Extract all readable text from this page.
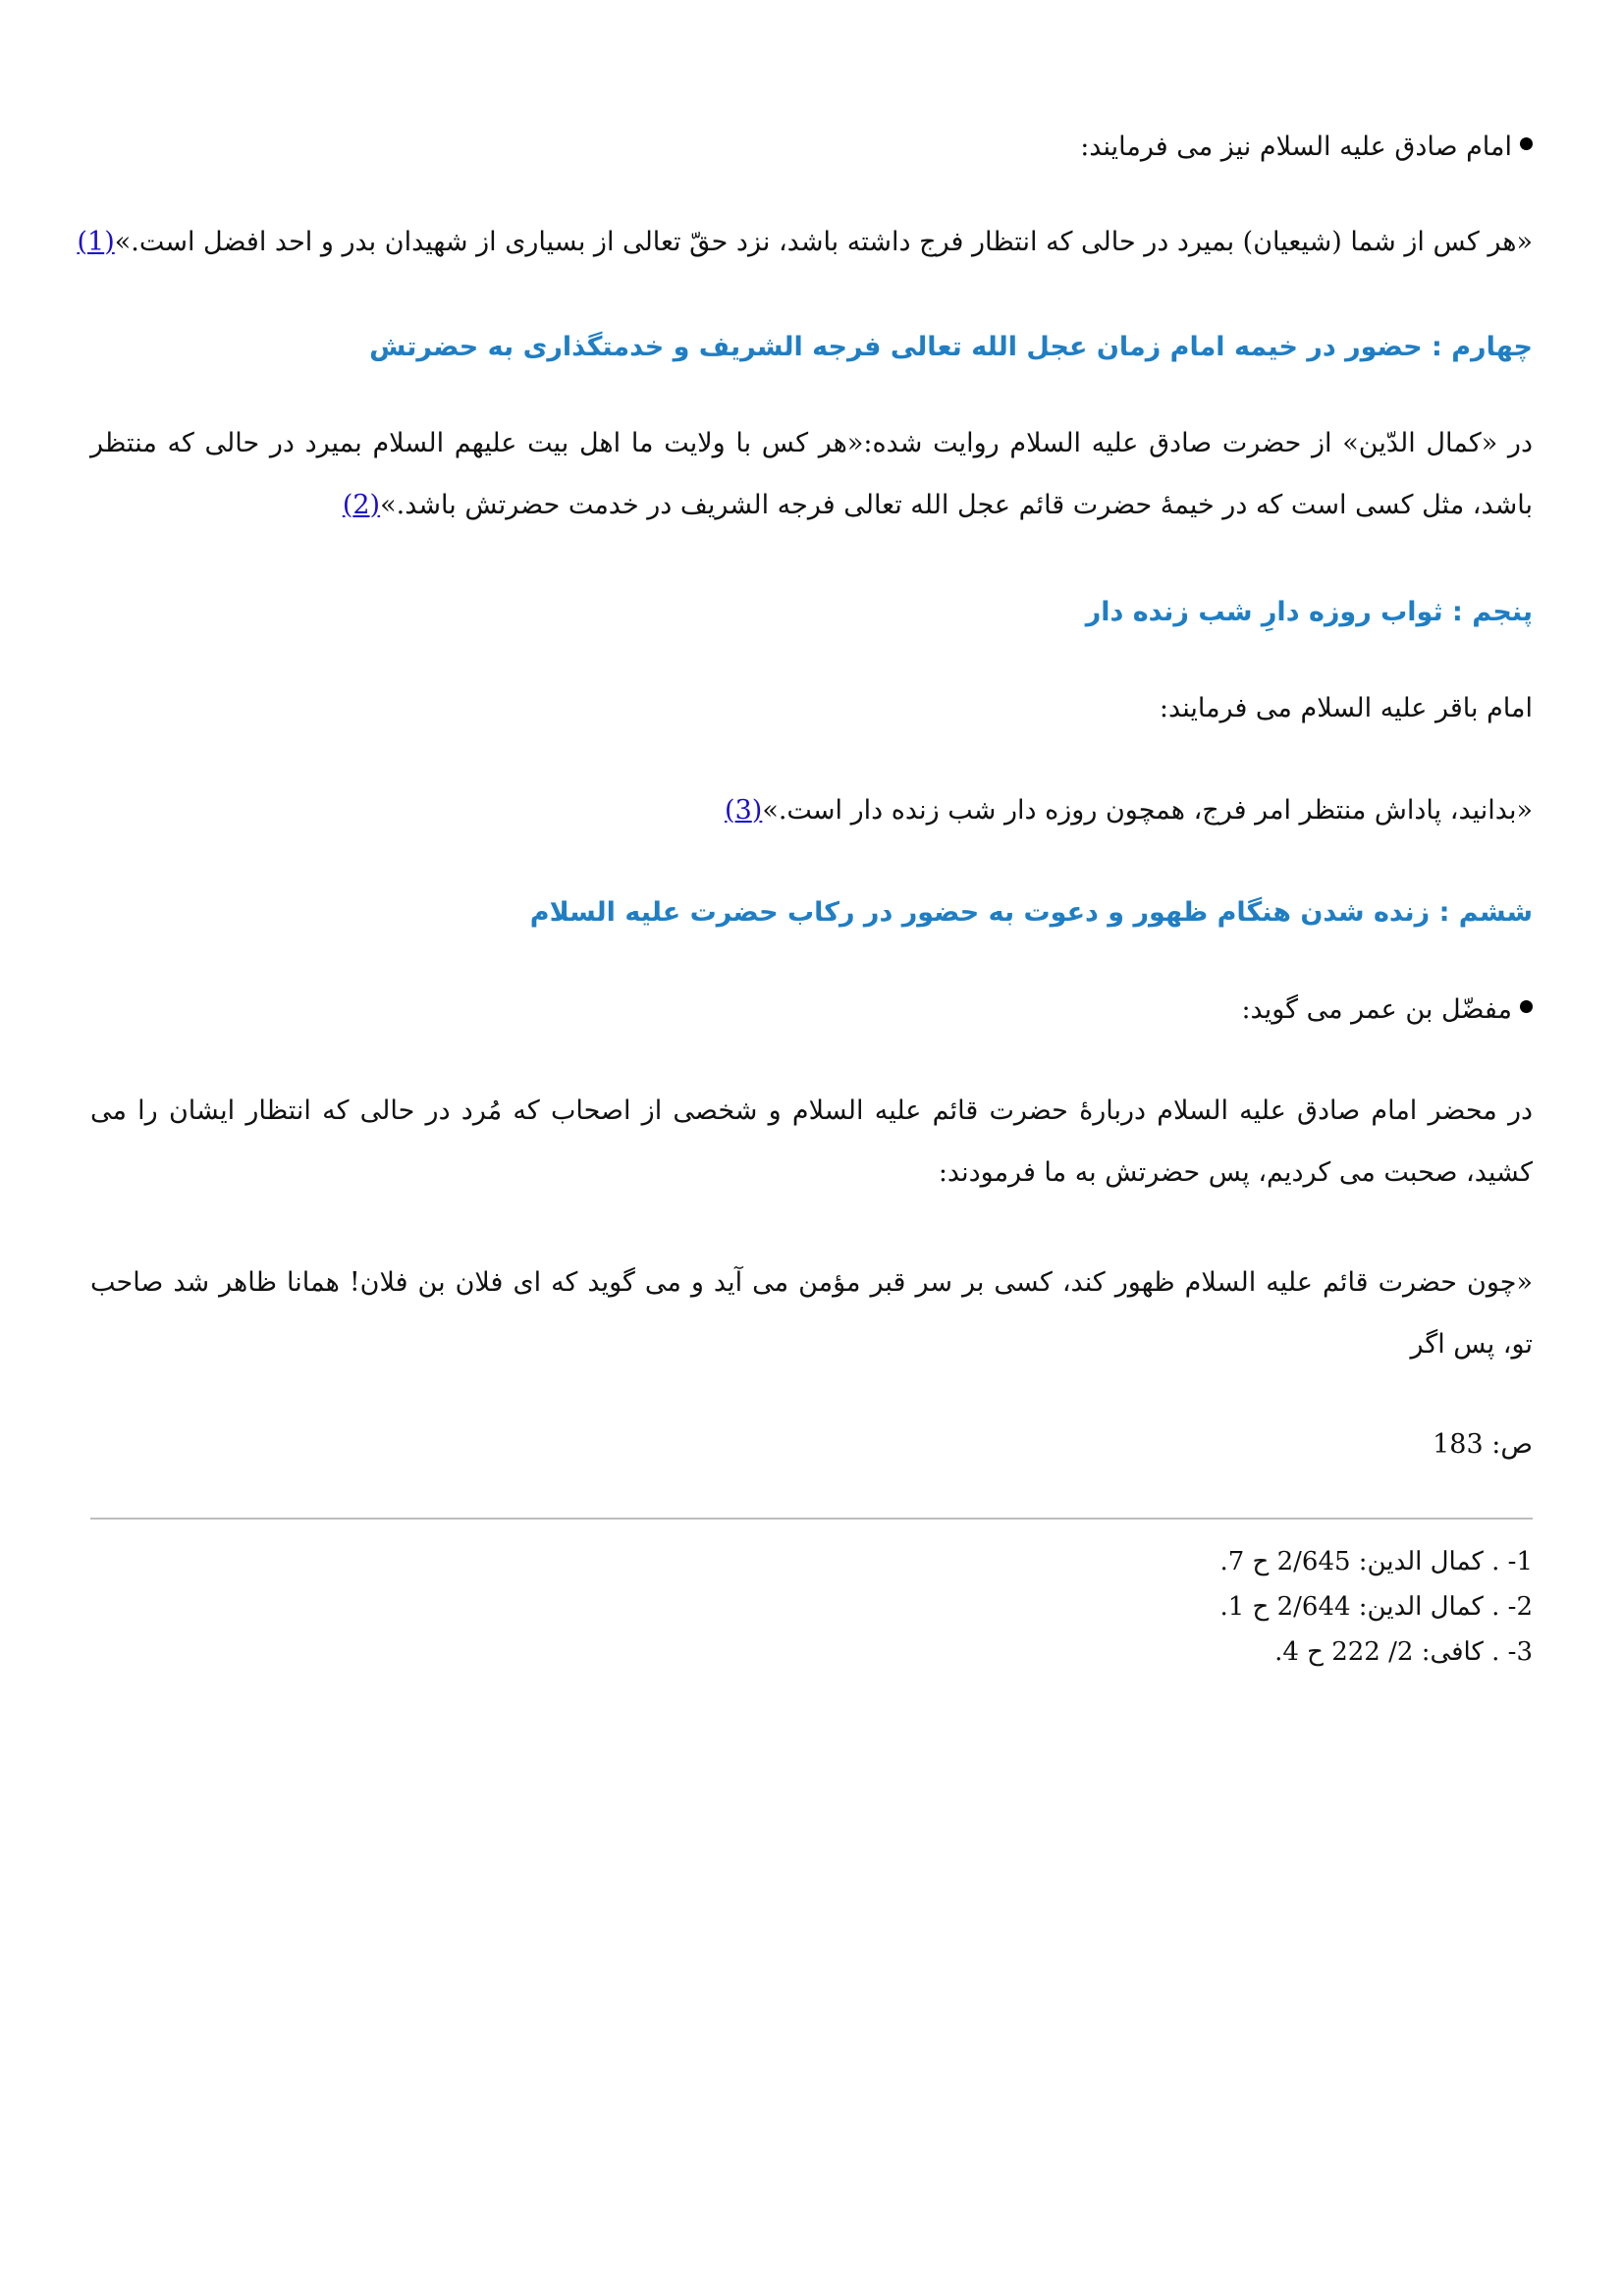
امام صادق علیه السلام نیز می فرمایند:

«هر کس از شما (شیعیان) بمیرد در حالی که انتظار فرج داشته باشد، نزد حقّ تعالی از بسیاری از شهیدان بدر و احد افضل است.»(1)

چهارم : حضور در خیمه امام زمان عجل الله تعالی فرجه الشریف و خدمتگذاری به حضرتش

در «کمال الدّین» از حضرت صادق علیه السلام روایت شده:«هر کس با ولایت ما اهل بیت علیهم السلام بمیرد در حالی که منتظر باشد، مثل کسی است که در خیمۀ حضرت قائم عجل الله تعالی فرجه الشریف در خدمت حضرتش باشد.»(2)

پنجم : ثواب روزه دارِ شب زنده دار

امام باقر علیه السلام می فرمایند:

«بدانید، پاداش منتظر امر فرج، همچون روزه دار شب زنده دار است.»(3)

ششم : زنده شدن هنگام ظهور و دعوت به حضور در رکاب حضرت علیه السلام

مفضّل بن عمر می گوید:

در محضر امام صادق علیه السلام دربارۀ حضرت قائم علیه السلام و شخصی از اصحاب که مُرد در حالی که انتظار ایشان را می کشید، صحبت می کردیم، پس حضرتش به ما فرمودند:

«چون حضرت قائم علیه السلام ظهور کند، کسی بر سر قبر مؤمن می آید و می گوید که ای فلان بن فلان! همانا ظاهر شد صاحب تو، پس اگر

ص: 183

1- . کمال الدین: 2/645 ح 7.

2- . کمال الدین: 2/644 ح 1.

3- . کافی: 2/ 222 ح 4.
